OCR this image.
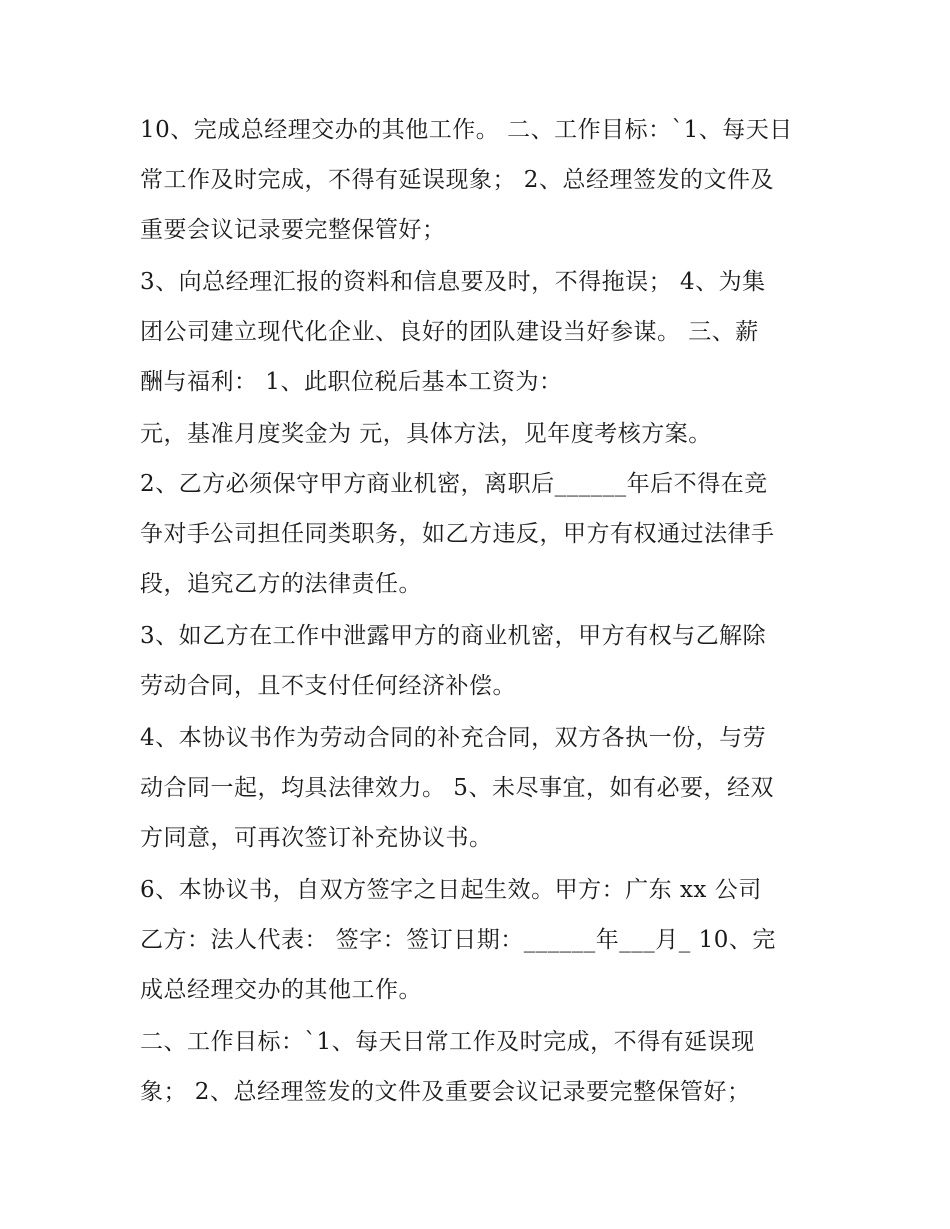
10、完成总经理交办的其他工作。 二、工作目标：`1、每天日
常工作及时完成，不得有延误现象； 2、总经理签发的文件及
重要会议记录要完整保管好；
3、向总经理汇报的资料和信息要及时，不得拖误； 4、为集
团公司建立现代化企业、良好的团队建设当好参谋。 三、薪
酬与福利： 1、此职位税后基本工资为：
元，基准月度奖金为 元，具体方法，见年度考核方案。
2、乙方必须保守甲方商业机密，离职后______年后不得在竞
争对手公司担任同类职务，如乙方违反，甲方有权通过法律手
段，追究乙方的法律责任。
3、如乙方在工作中泄露甲方的商业机密，甲方有权与乙解除
劳动合同，且不支付任何经济补偿。
4、本协议书作为劳动合同的补充合同，双方各执一份，与劳
动合同一起，均具法律效力。 5、未尽事宜，如有必要，经双
方同意，可再次签订补充协议书。
6、本协议书，自双方签字之日起生效。甲方：广东 xx 公司
乙方：法人代表： 签字：签订日期：______年___月_ 10、完
成总经理交办的其他工作。
二、工作目标：`1、每天日常工作及时完成，不得有延误现
象； 2、总经理签发的文件及重要会议记录要完整保管好；
